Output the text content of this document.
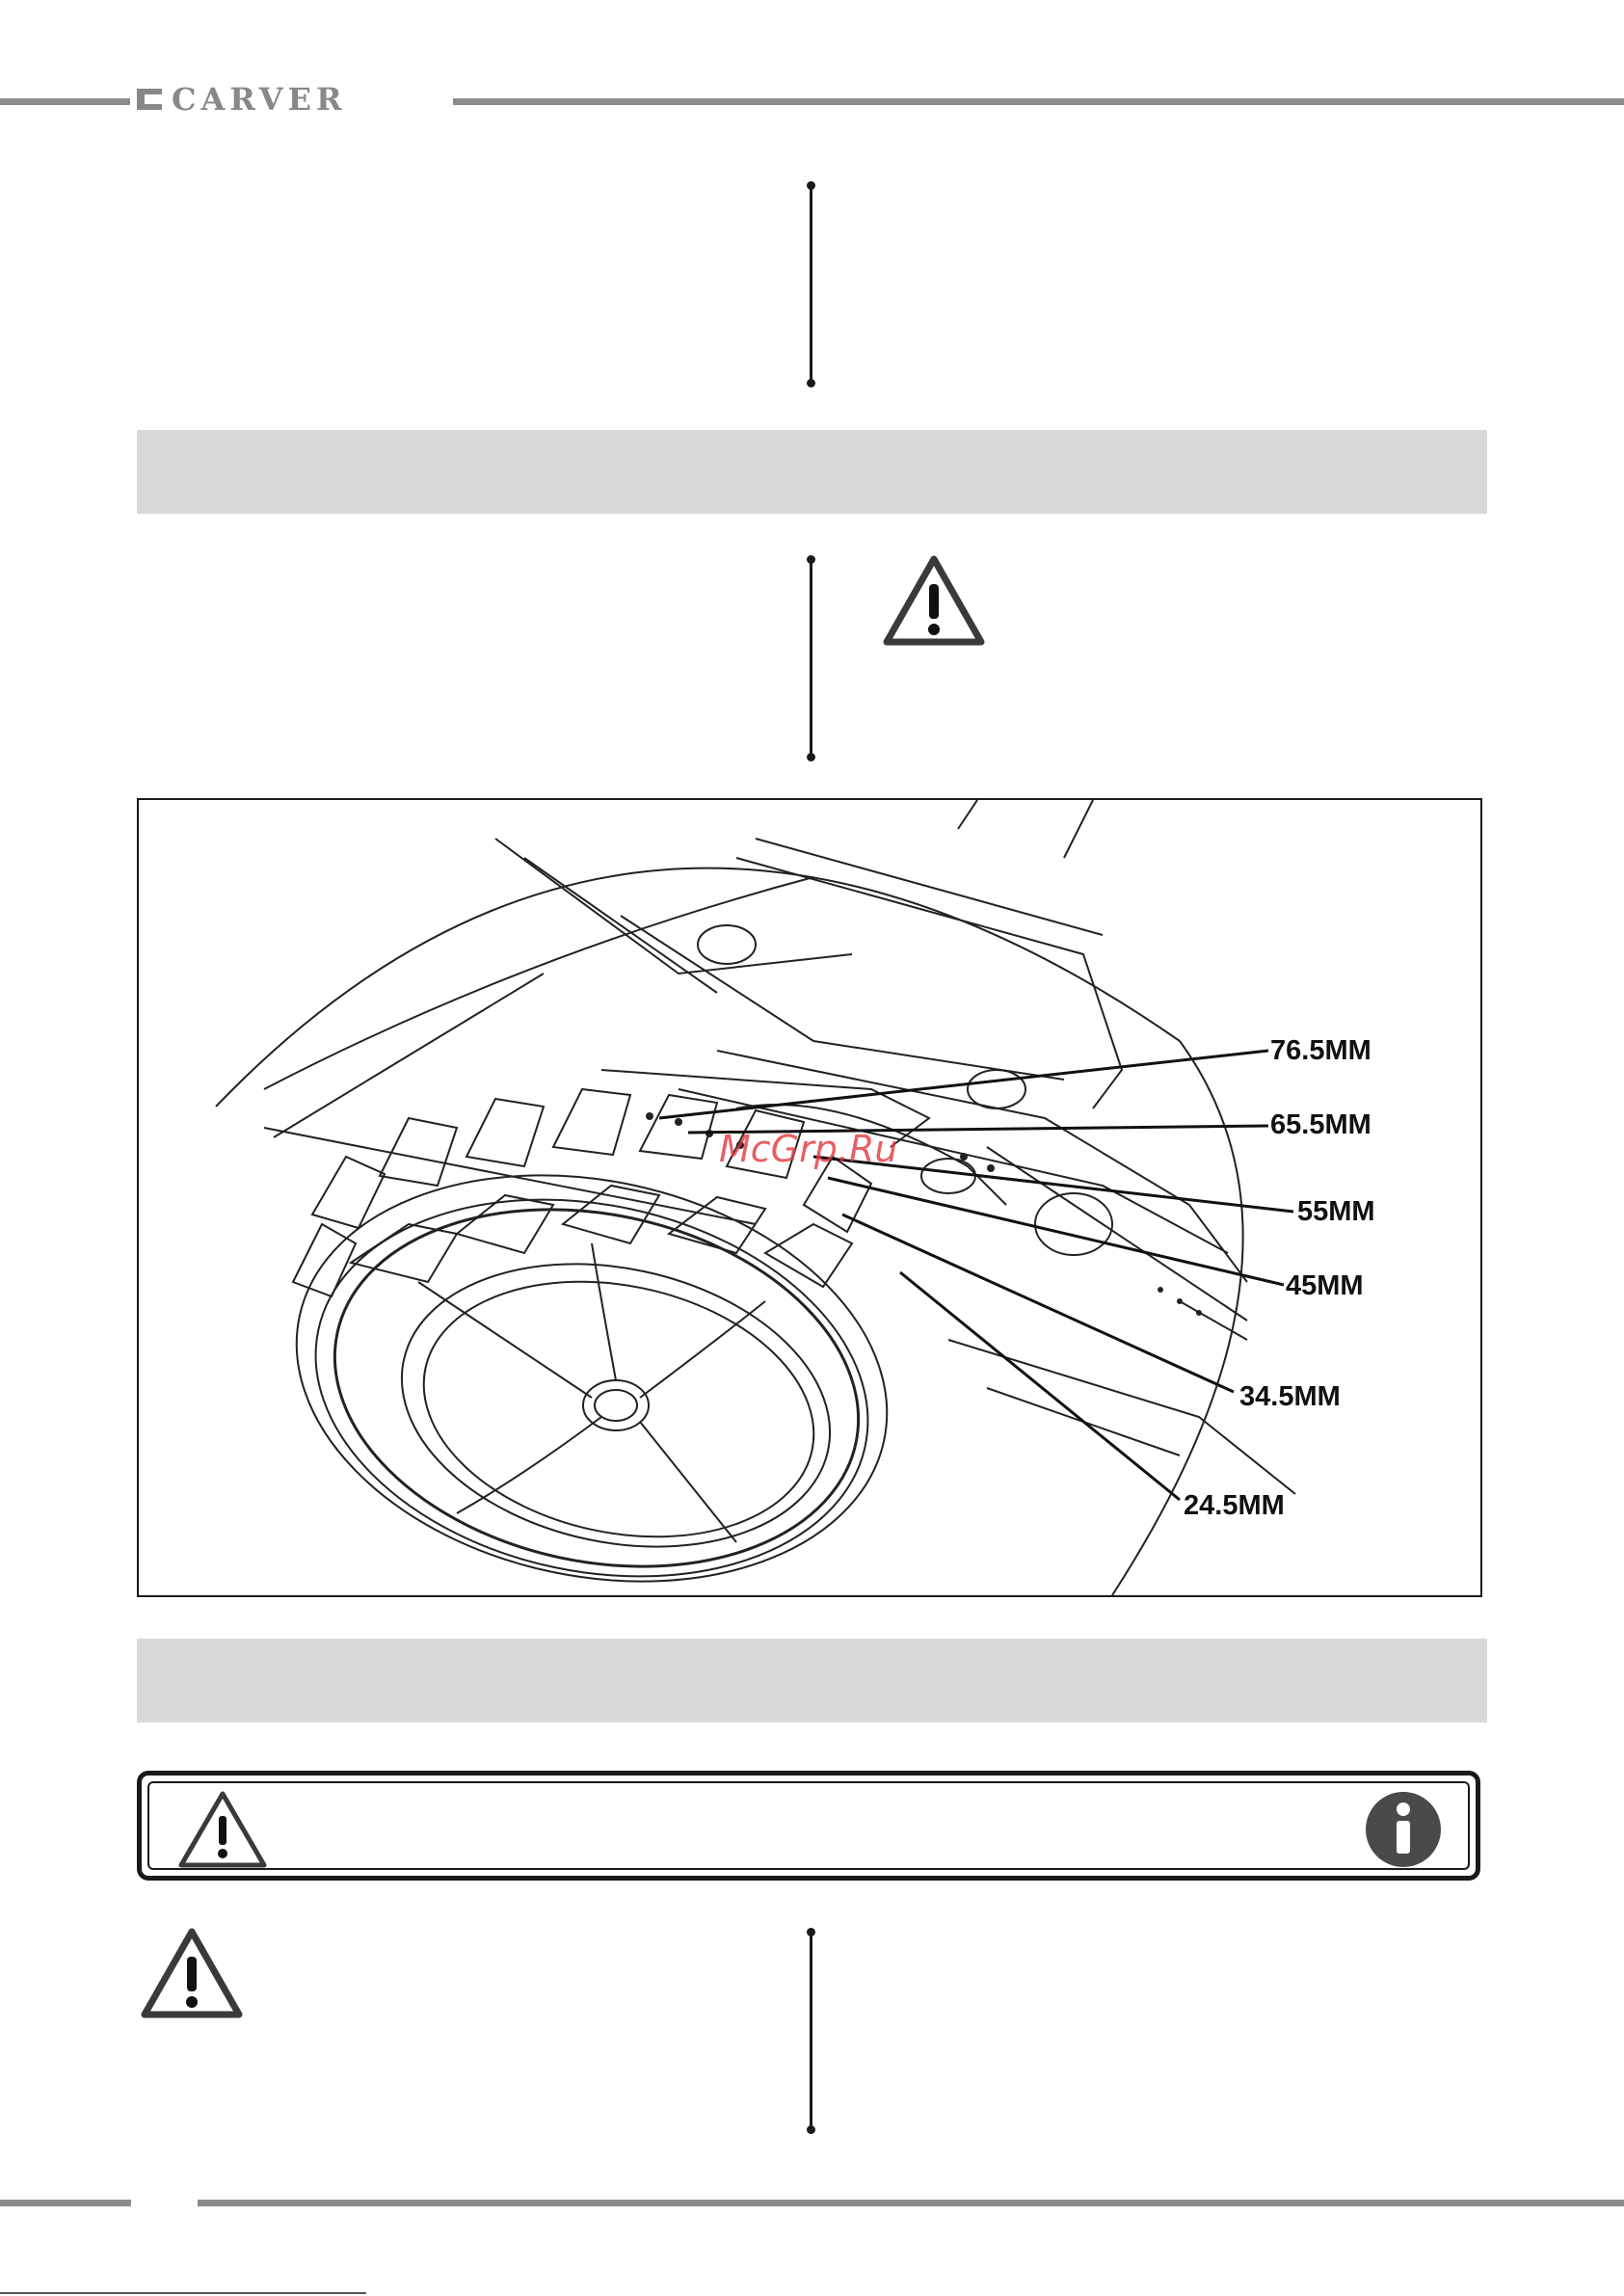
CARVER
McGrp.Ru
76.5MM
65.5MM
55MM
45MM
34.5MM
24.5MM
